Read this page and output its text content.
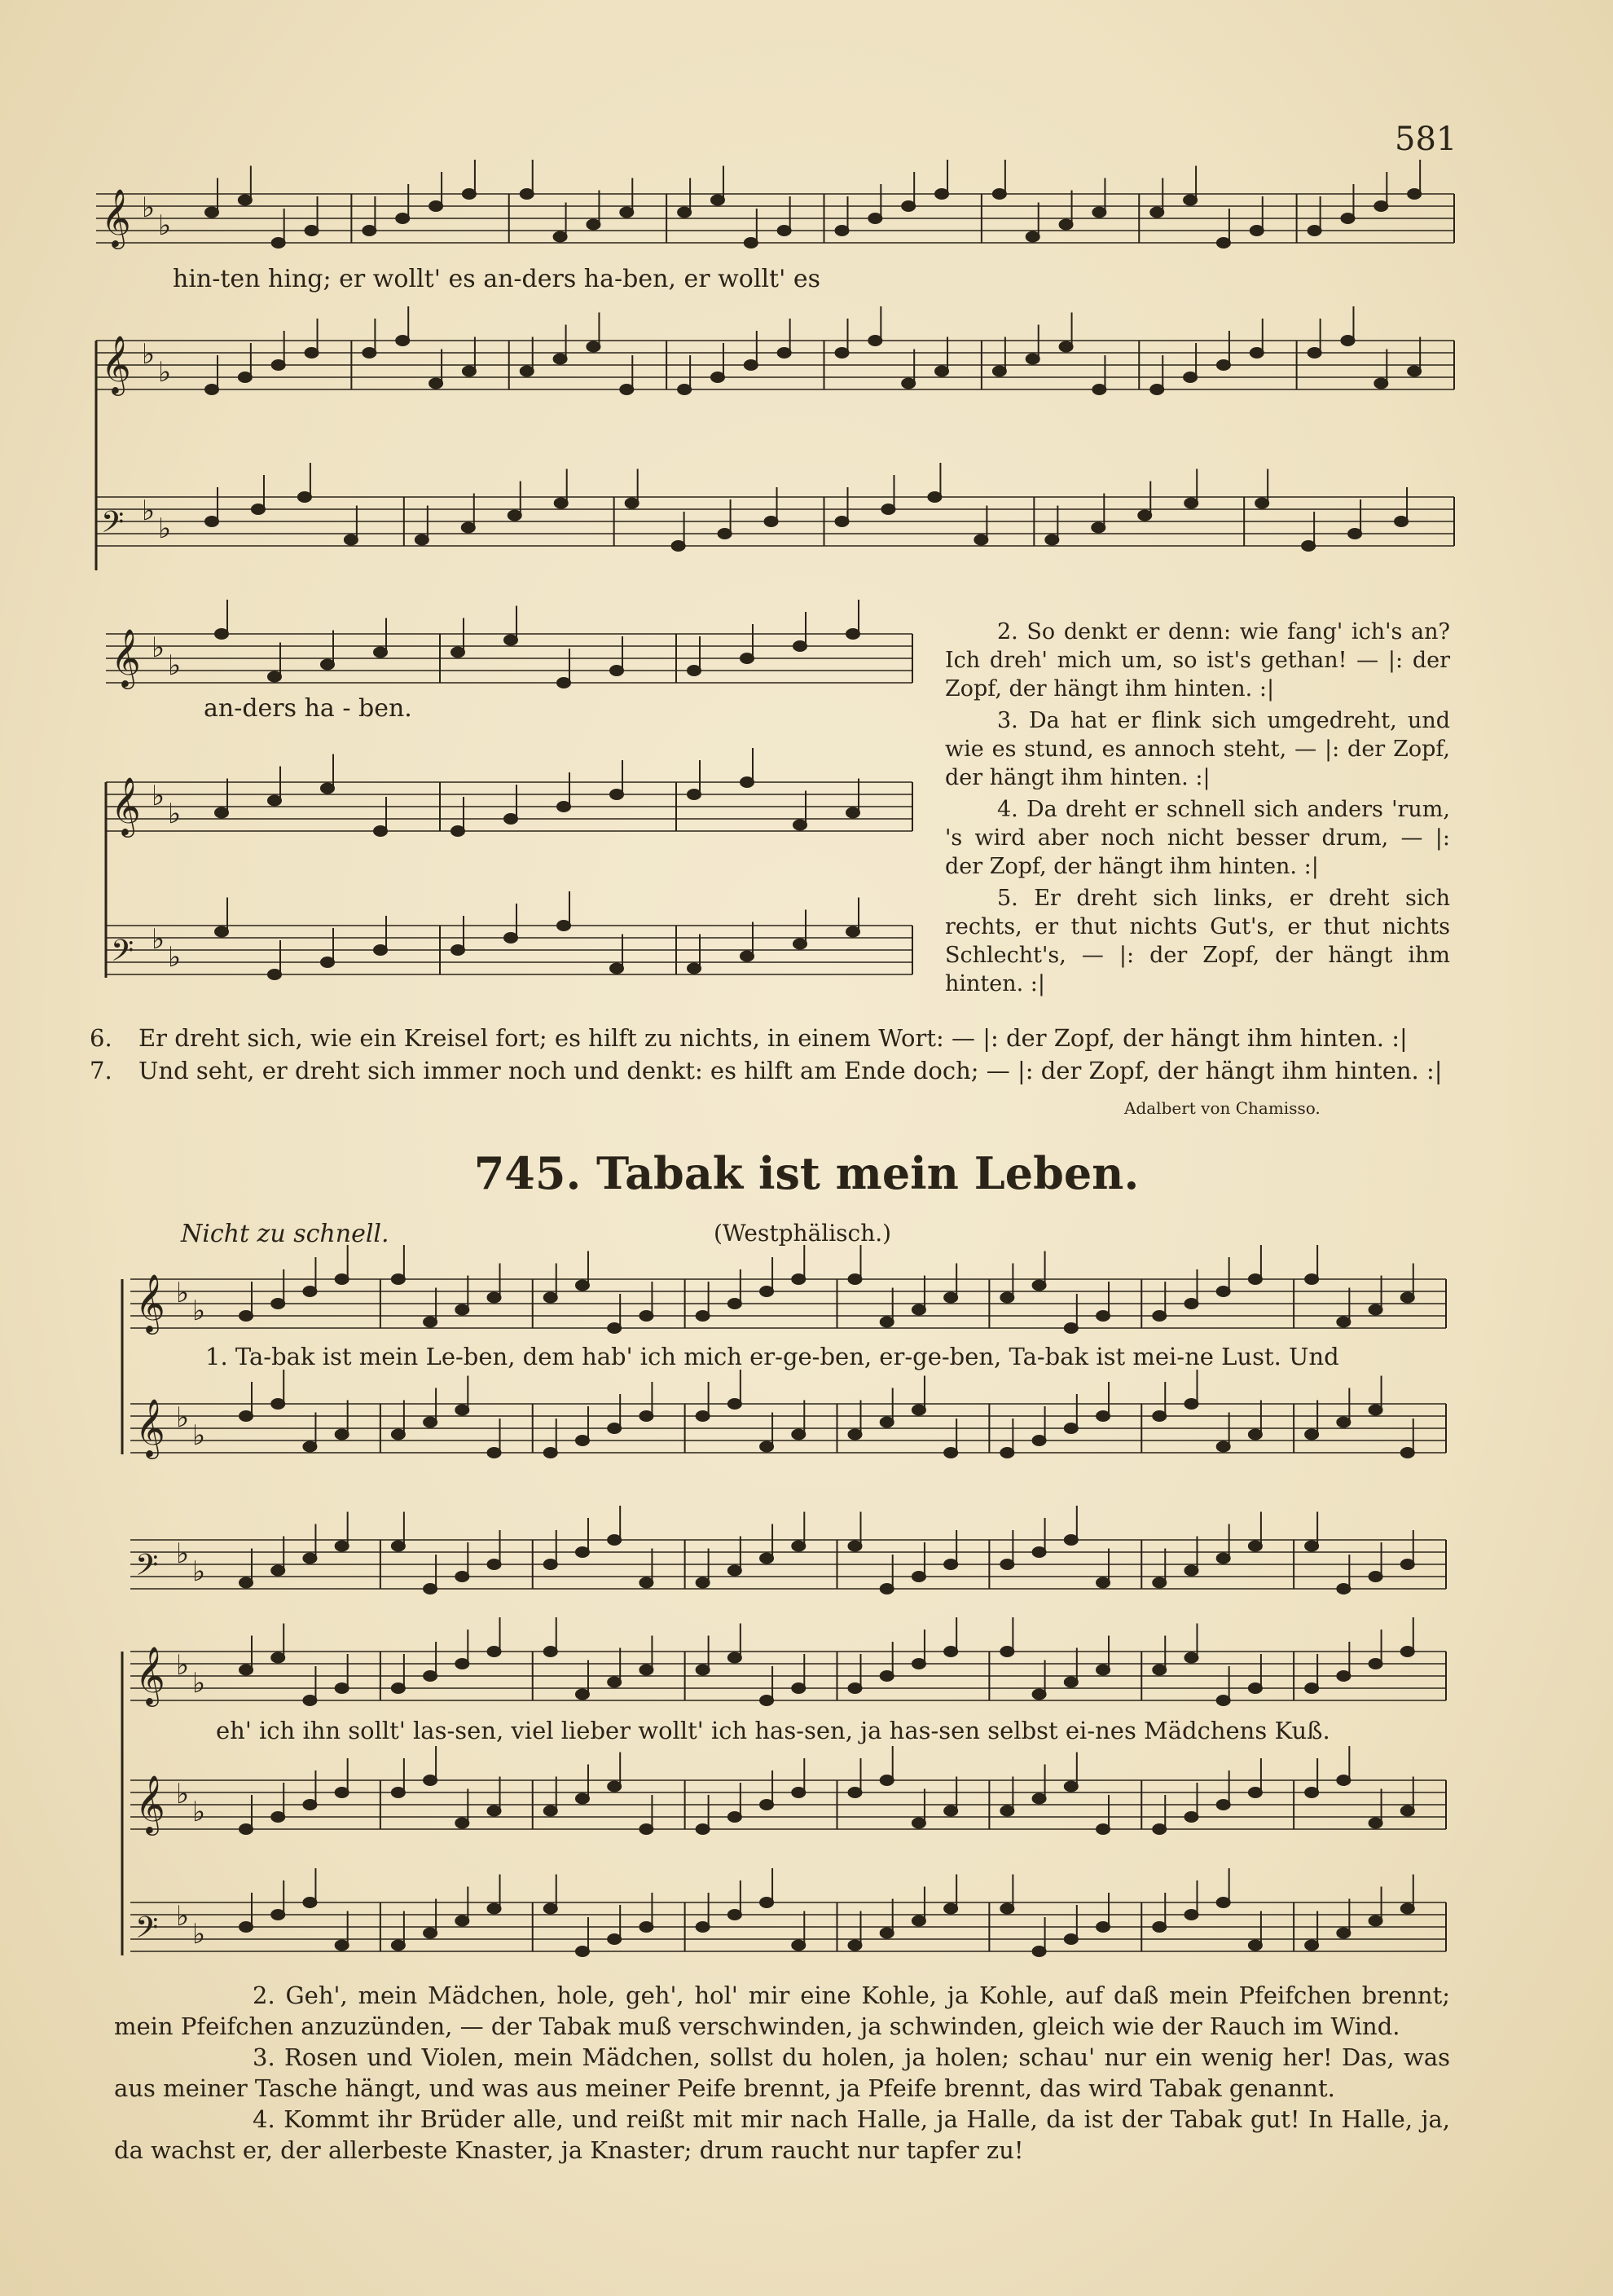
581
𝄞 ♭
♭
𝄞 ♭
♭
𝄢 ♭
♭
𝄞 ♭
♭
𝄞 ♭
♭
𝄢 ♭
♭
𝄞 ♭
♭
𝄞 ♭
♭
𝄢 ♭
♭
𝄞 ♭
♭
𝄞 ♭
♭
𝄢 ♭
♭
hin-ten hing; er wollt' es an-ders ha-ben, er wollt' es
an-ders ha - ben.

2. So denkt er denn: wie fang' ich's an? Ich dreh' mich um, so ist's gethan! — |: der Zopf, der hängt ihm hinten. :|

3. Da hat er flink sich umgedreht, und wie es stund, es annoch steht, — |: der Zopf, der hängt ihm hinten. :|

4. Da dreht er schnell sich anders 'rum, 's wird aber noch nicht besser drum, — |: der Zopf, der hängt ihm hinten. :|

5. Er dreht sich links, er dreht sich rechts, er thut nichts Gut's, er thut nichts Schlecht's, — |: der Zopf, der hängt ihm hinten. :|

6. Er dreht sich, wie ein Kreisel fort; es hilft zu nichts, in einem Wort: — |: der Zopf, der hängt ihm hinten. :|
7. Und seht, er dreht sich immer noch und denkt: es hilft am Ende doch; — |: der Zopf, der hängt ihm hinten. :|
Adalbert von Chamisso.
745. Tabak ist mein Leben.
Nicht zu schnell.	(Westphälisch.)
1. Ta-bak ist mein Le-ben, dem hab' ich mich er-ge-ben, er-ge-ben, Ta-bak ist mei-ne Lust. Und
eh' ich ihn sollt' las-sen, viel lieber wollt' ich has-sen, ja has-sen selbst ei-nes Mädchens Kuß.

2. Geh', mein Mädchen, hole, geh', hol' mir eine Kohle, ja Kohle, auf daß mein Pfeifchen brennt; mein Pfeifchen anzuzünden, — der Tabak muß verschwinden, ja schwinden, gleich wie der Rauch im Wind.

3. Rosen und Violen, mein Mädchen, sollst du holen, ja holen; schau' nur ein wenig her! Das, was aus meiner Tasche hängt, und was aus meiner Peife brennt, ja Pfeife brennt, das wird Tabak genannt.

4. Kommt ihr Brüder alle, und reißt mit mir nach Halle, ja Halle, da ist der Tabak gut! In Halle, ja, da wachst er, der allerbeste Knaster, ja Knaster; drum raucht nur tapfer zu!
